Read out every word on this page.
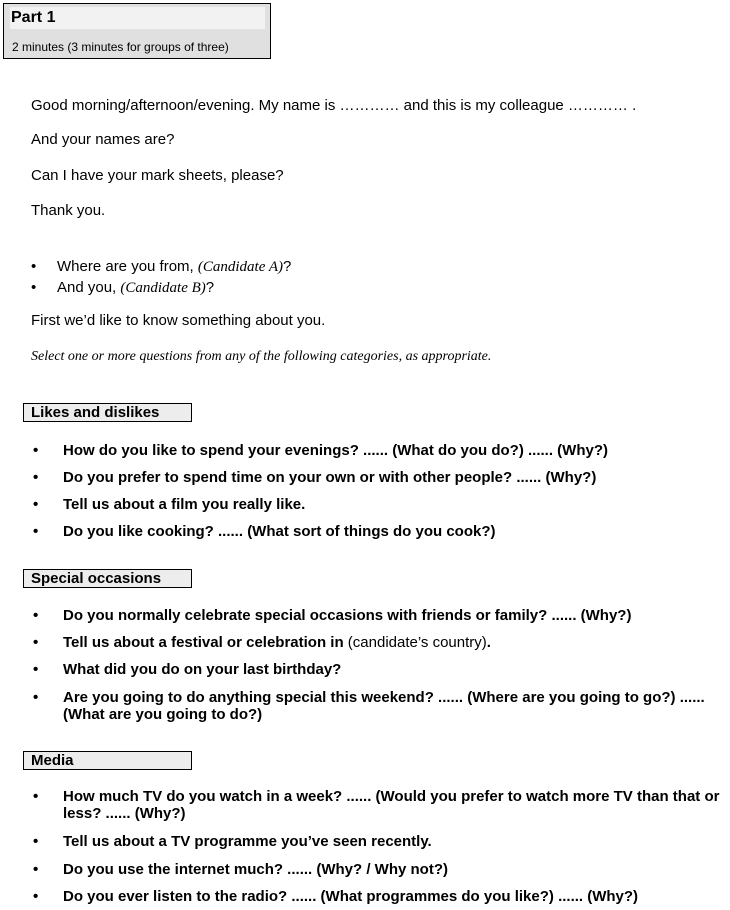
Part 1
2 minutes (3 minutes for groups of three)
Good morning/afternoon/evening. My name is ………… and this is my colleague ………… .
And your names are?
Can I have your mark sheets, please?
Thank you.
• Where are you from, (Candidate A)?
• And you, (Candidate B)?
First we’d like to know something about you.
Select one or more questions from any of the following categories, as appropriate.
Likes and dislikes
• How do you like to spend your evenings? ...... (What do you do?) ...... (Why?)
• Do you prefer to spend time on your own or with other people? ...... (Why?)
• Tell us about a film you really like.
• Do you like cooking? ...... (What sort of things do you cook?)
Special occasions
• Do you normally celebrate special occasions with friends or family? ...... (Why?)
• Tell us about a festival or celebration in (candidate’s country).
• What did you do on your last birthday?
• Are you going to do anything special this weekend? ...... (Where are you going to go?) ...... (What are you going to do?)
Media
• How much TV do you watch in a week? ...... (Would you prefer to watch more TV than that or less? ...... (Why?)
• Tell us about a TV programme you’ve seen recently.
• Do you use the internet much? ...... (Why? / Why not?)
• Do you ever listen to the radio? ...... (What programmes do you like?) ...... (Why?)
